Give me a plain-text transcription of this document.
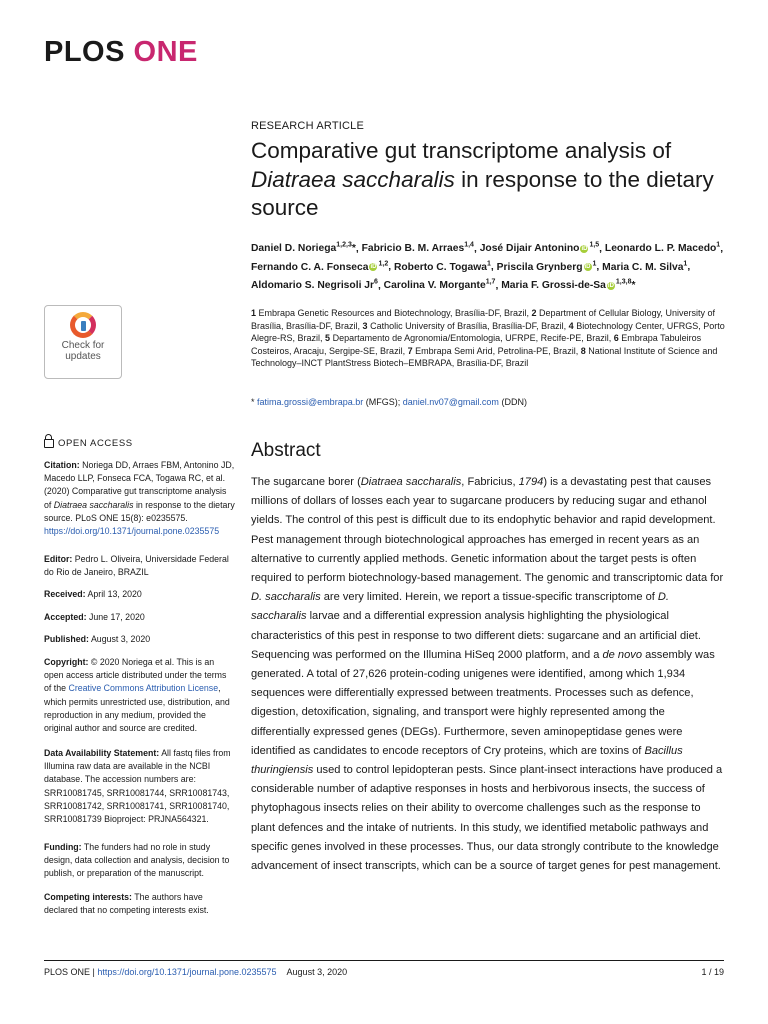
PLOS ONE
RESEARCH ARTICLE
Comparative gut transcriptome analysis of
Diatraea saccharalis in response to the dietary
source
Daniel D. Noriega$^{1,2,3}$*, Fabricio B. M. Arraes$^{1,4}$, José Dijair Antonino iD $^{1,5}$, Leonardo L. P. Macedo$^1$, Fernando C. A. Fonseca iD $^{1,2}$, Roberto C. Togawa$^1$, Priscila Grynberg iD $^1$, Maria C. M. Silva$^1$, Aldomario S. Negrisoli Jr$^6$, Carolina V. Morgante$^{1,7}$, Maria F. Grossi-de-Sa iD $^{1,3,8}$*
1 Embrapa Genetic Resources and Biotechnology, Brasília-DF, Brazil, 2 Department of Cellular Biology, University of Brasília, Brasília-DF, Brazil, 3 Catholic University of Brasília, Brasília-DF, Brazil, 4 Biotechnology Center, UFRGS, Porto Alegre-RS, Brazil, 5 Departamento de Agronomia/Entomologia, UFRPE, Recife-PE, Brazil, 6 Embrapa Tabuleiros Costeiros, Aracaju, Sergipe-SE, Brazil, 7 Embrapa Semi Arid, Petrolina-PE, Brazil, 8 National Institute of Science and Technology–INCT PlantStress Biotech–EMBRAPA, Brasília-DF, Brazil
* fatima.grossi@embrapa.br (MFGS); daniel.nv07@gmail.com (DDN)
Check for
updates
OPEN ACCESS
Citation: Noriega DD, Arraes FBM, Antonino JD, Macedo LLP, Fonseca FCA, Togawa RC, et al. (2020) Comparative gut transcriptome analysis of Diatraea saccharalis in response to the dietary source. PLoS ONE 15(8): e0235575. https://doi.org/10.1371/journal.pone.0235575
Editor: Pedro L. Oliveira, Universidade Federal do Rio de Janeiro, BRAZIL
Received: April 13, 2020
Accepted: June 17, 2020
Published: August 3, 2020
Copyright: © 2020 Noriega et al. This is an open access article distributed under the terms of the Creative Commons Attribution License, which permits unrestricted use, distribution, and reproduction in any medium, provided the original author and source are credited.
Data Availability Statement: All fastq files from Illumina raw data are available in the NCBI database. The accession numbers are: SRR10081745, SRR10081744, SRR10081743, SRR10081742, SRR10081741, SRR10081740, SRR10081739 Bioproject: PRJNA564321.
Funding: The funders had no role in study design, data collection and analysis, decision to publish, or preparation of the manuscript.
Competing interests: The authors have declared that no competing interests exist.
Abstract
The sugarcane borer (Diatraea saccharalis, Fabricius, 1794) is a devastating pest that causes millions of dollars of losses each year to sugarcane producers by reducing sugar and ethanol yields. The control of this pest is difficult due to its endophytic behavior and rapid development. Pest management through biotechnological approaches has emerged in recent years as an alternative to currently applied methods. Genetic information about the target pests is often required to perform biotechnology-based management. The genomic and transcriptomic data for D. saccharalis are very limited. Herein, we report a tissue-specific transcriptome of D. saccharalis larvae and a differential expression analysis highlighting the physiological characteristics of this pest in response to two different diets: sugarcane and an artificial diet. Sequencing was performed on the Illumina HiSeq 2000 platform, and a de novo assembly was generated. A total of 27,626 protein-coding unigenes were identified, among which 1,934 sequences were differentially expressed between treatments. Processes such as defence, digestion, detoxification, signaling, and transport were highly represented among the differentially expressed genes (DEGs). Furthermore, seven aminopeptidase genes were identified as candidates to encode receptors of Cry proteins, which are toxins of Bacillus thuringiensis used to control lepidopteran pests. Since plant-insect interactions have produced a considerable number of adaptive responses in hosts and herbivorous insects, the success of phytophagous insects relies on their ability to overcome challenges such as the response to plant defences and the intake of nutrients. In this study, we identified metabolic pathways and specific genes involved in these processes. Thus, our data strongly contribute to the knowledge advancement of insect transcripts, which can be a source of target genes for pest management.
PLOS ONE | https://doi.org/10.1371/journal.pone.0235575 August 3, 2020	1 / 19
